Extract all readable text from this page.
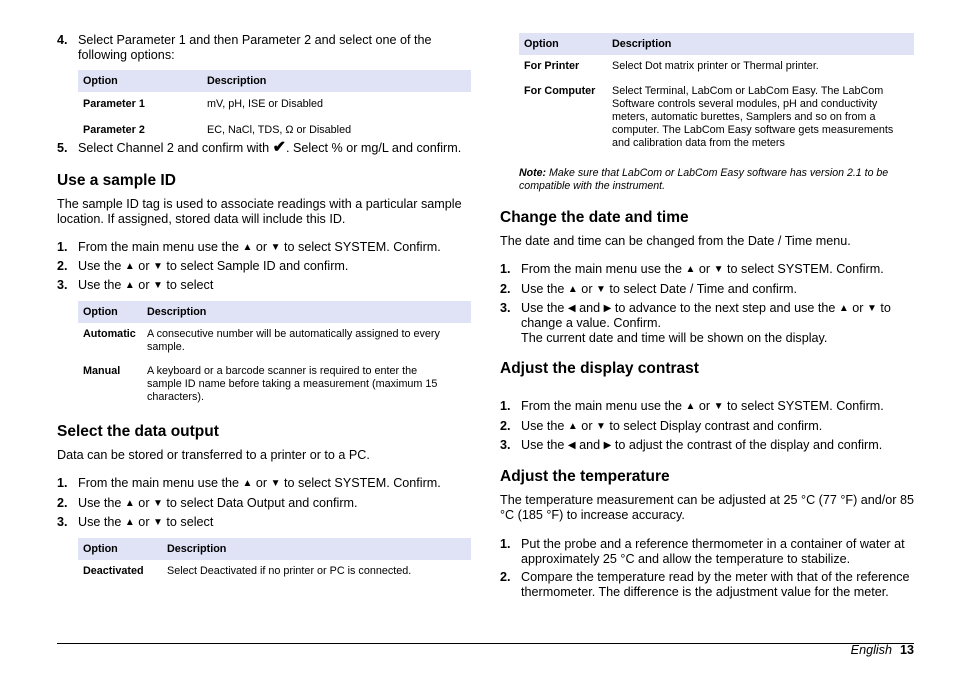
4. Select Parameter 1 and then Parameter 2 and select one of the following options:
Option	Description
Parameter 1	mV, pH, ISE or Disabled
Parameter 2	EC, NaCl, TDS, Ω or Disabled
5. Select Channel 2 and confirm with ✔. Select % or mg/L and confirm.
Use a sample ID

The sample ID tag is used to associate readings with a particular sample location. If assigned, stored data will include this ID.

1. From the main menu use the ▲ or ▼ to select SYSTEM. Confirm.
2. Use the ▲ or ▼ to select Sample ID and confirm.
3. Use the ▲ or ▼ to select
Option	Description
Automatic	A consecutive number will be automatically assigned to every sample.
Manual	A keyboard or a barcode scanner is required to enter the sample ID name before taking a measurement (maximum 15 characters).
Select the data output

Data can be stored or transferred to a printer or to a PC.

1. From the main menu use the ▲ or ▼ to select SYSTEM. Confirm.
2. Use the ▲ or ▼ to select Data Output and confirm.
3. Use the ▲ or ▼ to select
Option	Description
Deactivated	Select Deactivated if no printer or PC is connected.
Option	Description
For Printer	Select Dot matrix printer or Thermal printer.
For Computer	Select Terminal, LabCom or LabCom Easy. The LabCom Software controls several modules, pH and conductivity meters, automatic burettes, Samplers and so on from a computer. The LabCom Easy software gets measurements and calibration data from the meters
Note: Make sure that LabCom or LabCom Easy software has version 2.1 to be compatible with the instrument.
Change the date and time

The date and time can be changed from the Date / Time menu.

1. From the main menu use the ▲ or ▼ to select SYSTEM. Confirm.
2. Use the ▲ or ▼ to select Date / Time and confirm.
3. Use the ◀ and ▶ to advance to the next step and use the ▲ or ▼ to change a value. Confirm.
The current date and time will be shown on the display.
Adjust the display contrast
1. From the main menu use the ▲ or ▼ to select SYSTEM. Confirm.
2. Use the ▲ or ▼ to select Display contrast and confirm.
3. Use the ◀ and ▶ to adjust the contrast of the display and confirm.
Adjust the temperature

The temperature measurement can be adjusted at 25 °C (77 °F) and/or 85 °C (185 °F) to increase accuracy.

1. Put the probe and a reference thermometer in a container of water at approximately 25 °C and allow the temperature to stabilize.
2. Compare the temperature read by the meter with that of the reference thermometer. The difference is the adjustment value for the meter.
English 13
